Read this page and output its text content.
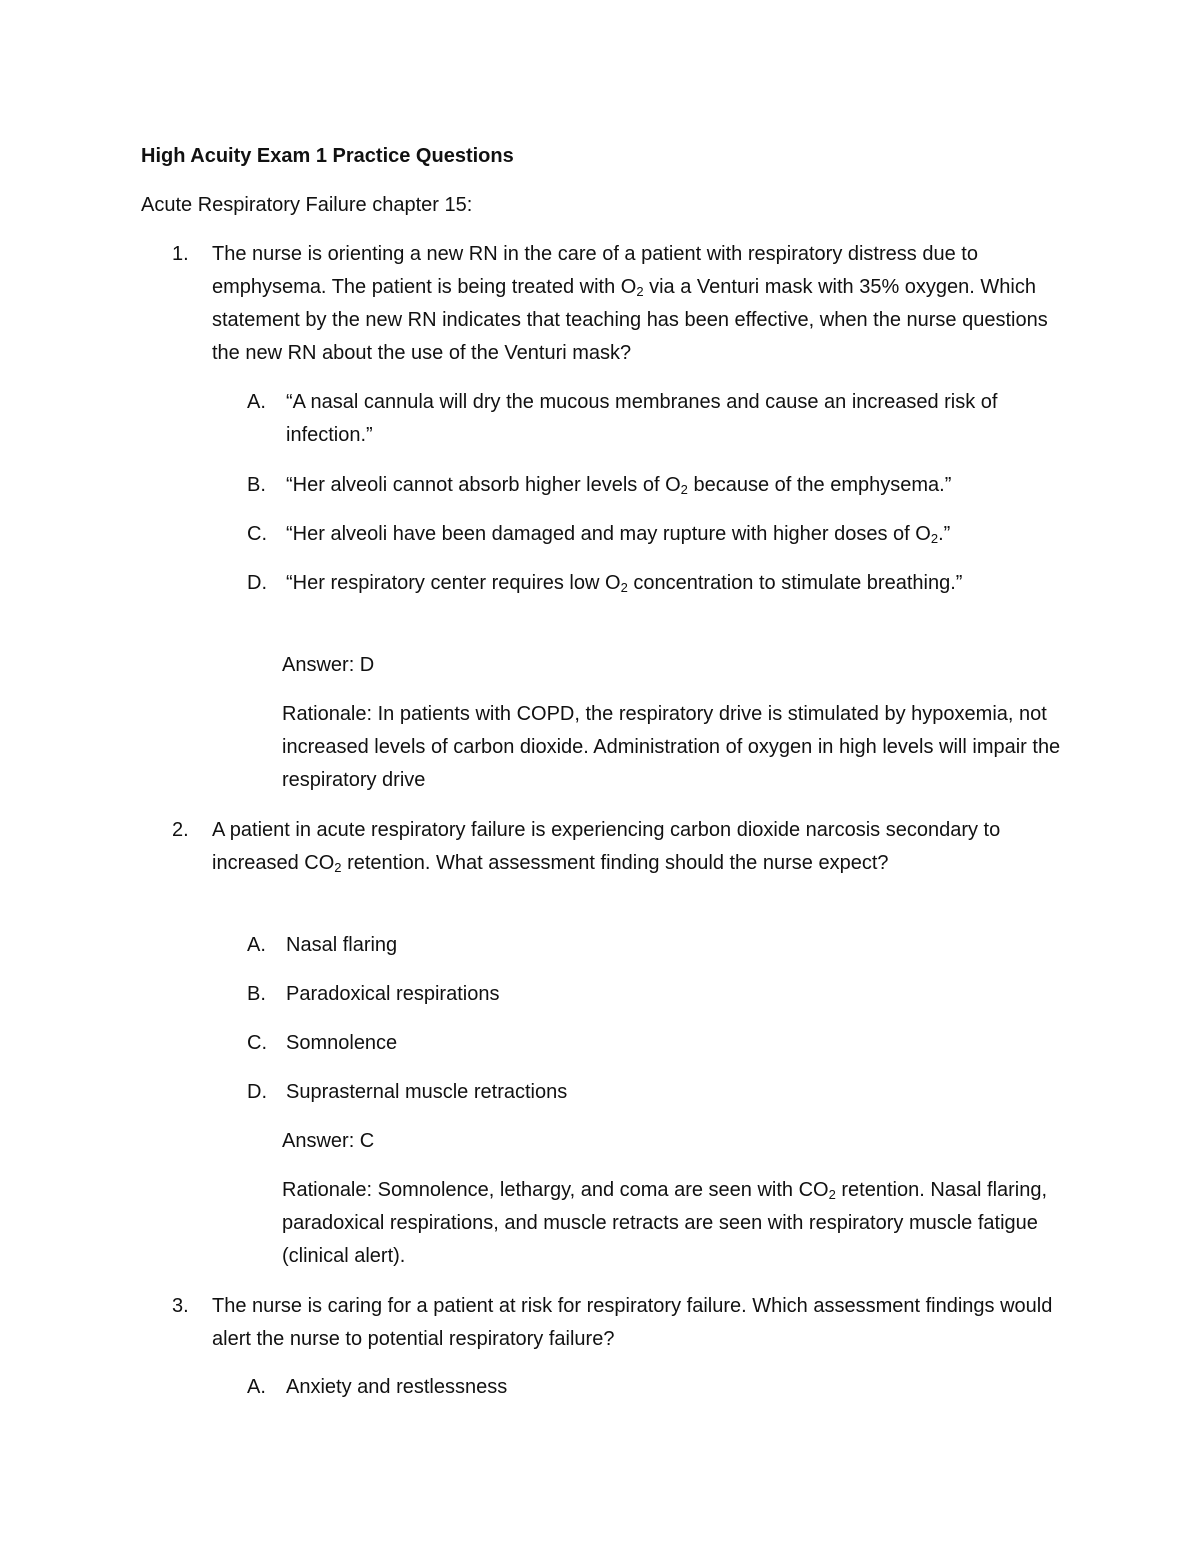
High Acuity Exam 1 Practice Questions

Acute Respiratory Failure chapter 15:

1. The nurse is orienting a new RN in the care of a patient with respiratory distress due to emphysema. The patient is being treated with $O_2$ via a Venturi mask with 35% oxygen. Which statement by the new RN indicates that teaching has been effective, when the nurse questions the new RN about the use of the Venturi mask?
A. “A nasal cannula will dry the mucous membranes and cause an increased risk of infection.”
B. “Her alveoli cannot absorb higher levels of $O_2$ because of the emphysema.”
C. “Her alveoli have been damaged and may rupture with higher doses of $O_2$.”
D. “Her respiratory center requires low $O_2$ concentration to stimulate breathing.”
Answer: D
Rationale: In patients with COPD, the respiratory drive is stimulated by hypoxemia, not increased levels of carbon dioxide. Administration of oxygen in high levels will impair the respiratory drive
2. A patient in acute respiratory failure is experiencing carbon dioxide narcosis secondary to increased $CO_2$ retention. What assessment finding should the nurse expect?
A. Nasal flaring
B. Paradoxical respirations
C. Somnolence
D. Suprasternal muscle retractions
Answer: C
Rationale: Somnolence, lethargy, and coma are seen with $CO_2$ retention. Nasal flaring, paradoxical respirations, and muscle retracts are seen with respiratory muscle fatigue (clinical alert).
3. The nurse is caring for a patient at risk for respiratory failure. Which assessment findings would alert the nurse to potential respiratory failure?
A. Anxiety and restlessness
